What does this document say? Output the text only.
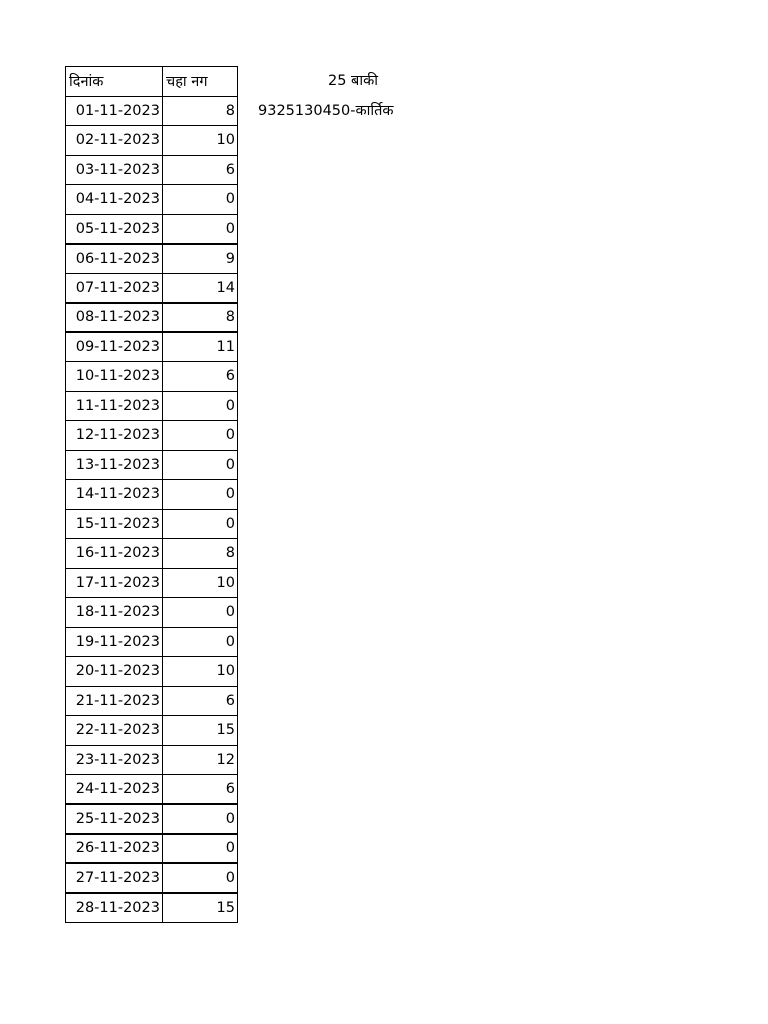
दिनांक	चहा नग
01-11-2023	8
02-11-2023	10
03-11-2023	6
04-11-2023	0
05-11-2023	0
06-11-2023	9
07-11-2023	14
08-11-2023	8
09-11-2023	11
10-11-2023	6
11-11-2023	0
12-11-2023	0
13-11-2023	0
14-11-2023	0
15-11-2023	0
16-11-2023	8
17-11-2023	10
18-11-2023	0
19-11-2023	0
20-11-2023	10
21-11-2023	6
22-11-2023	15
23-11-2023	12
24-11-2023	6
25-11-2023	0
26-11-2023	0
27-11-2023	0
28-11-2023	15
25 बाकी
9325130450-कार्तिक
